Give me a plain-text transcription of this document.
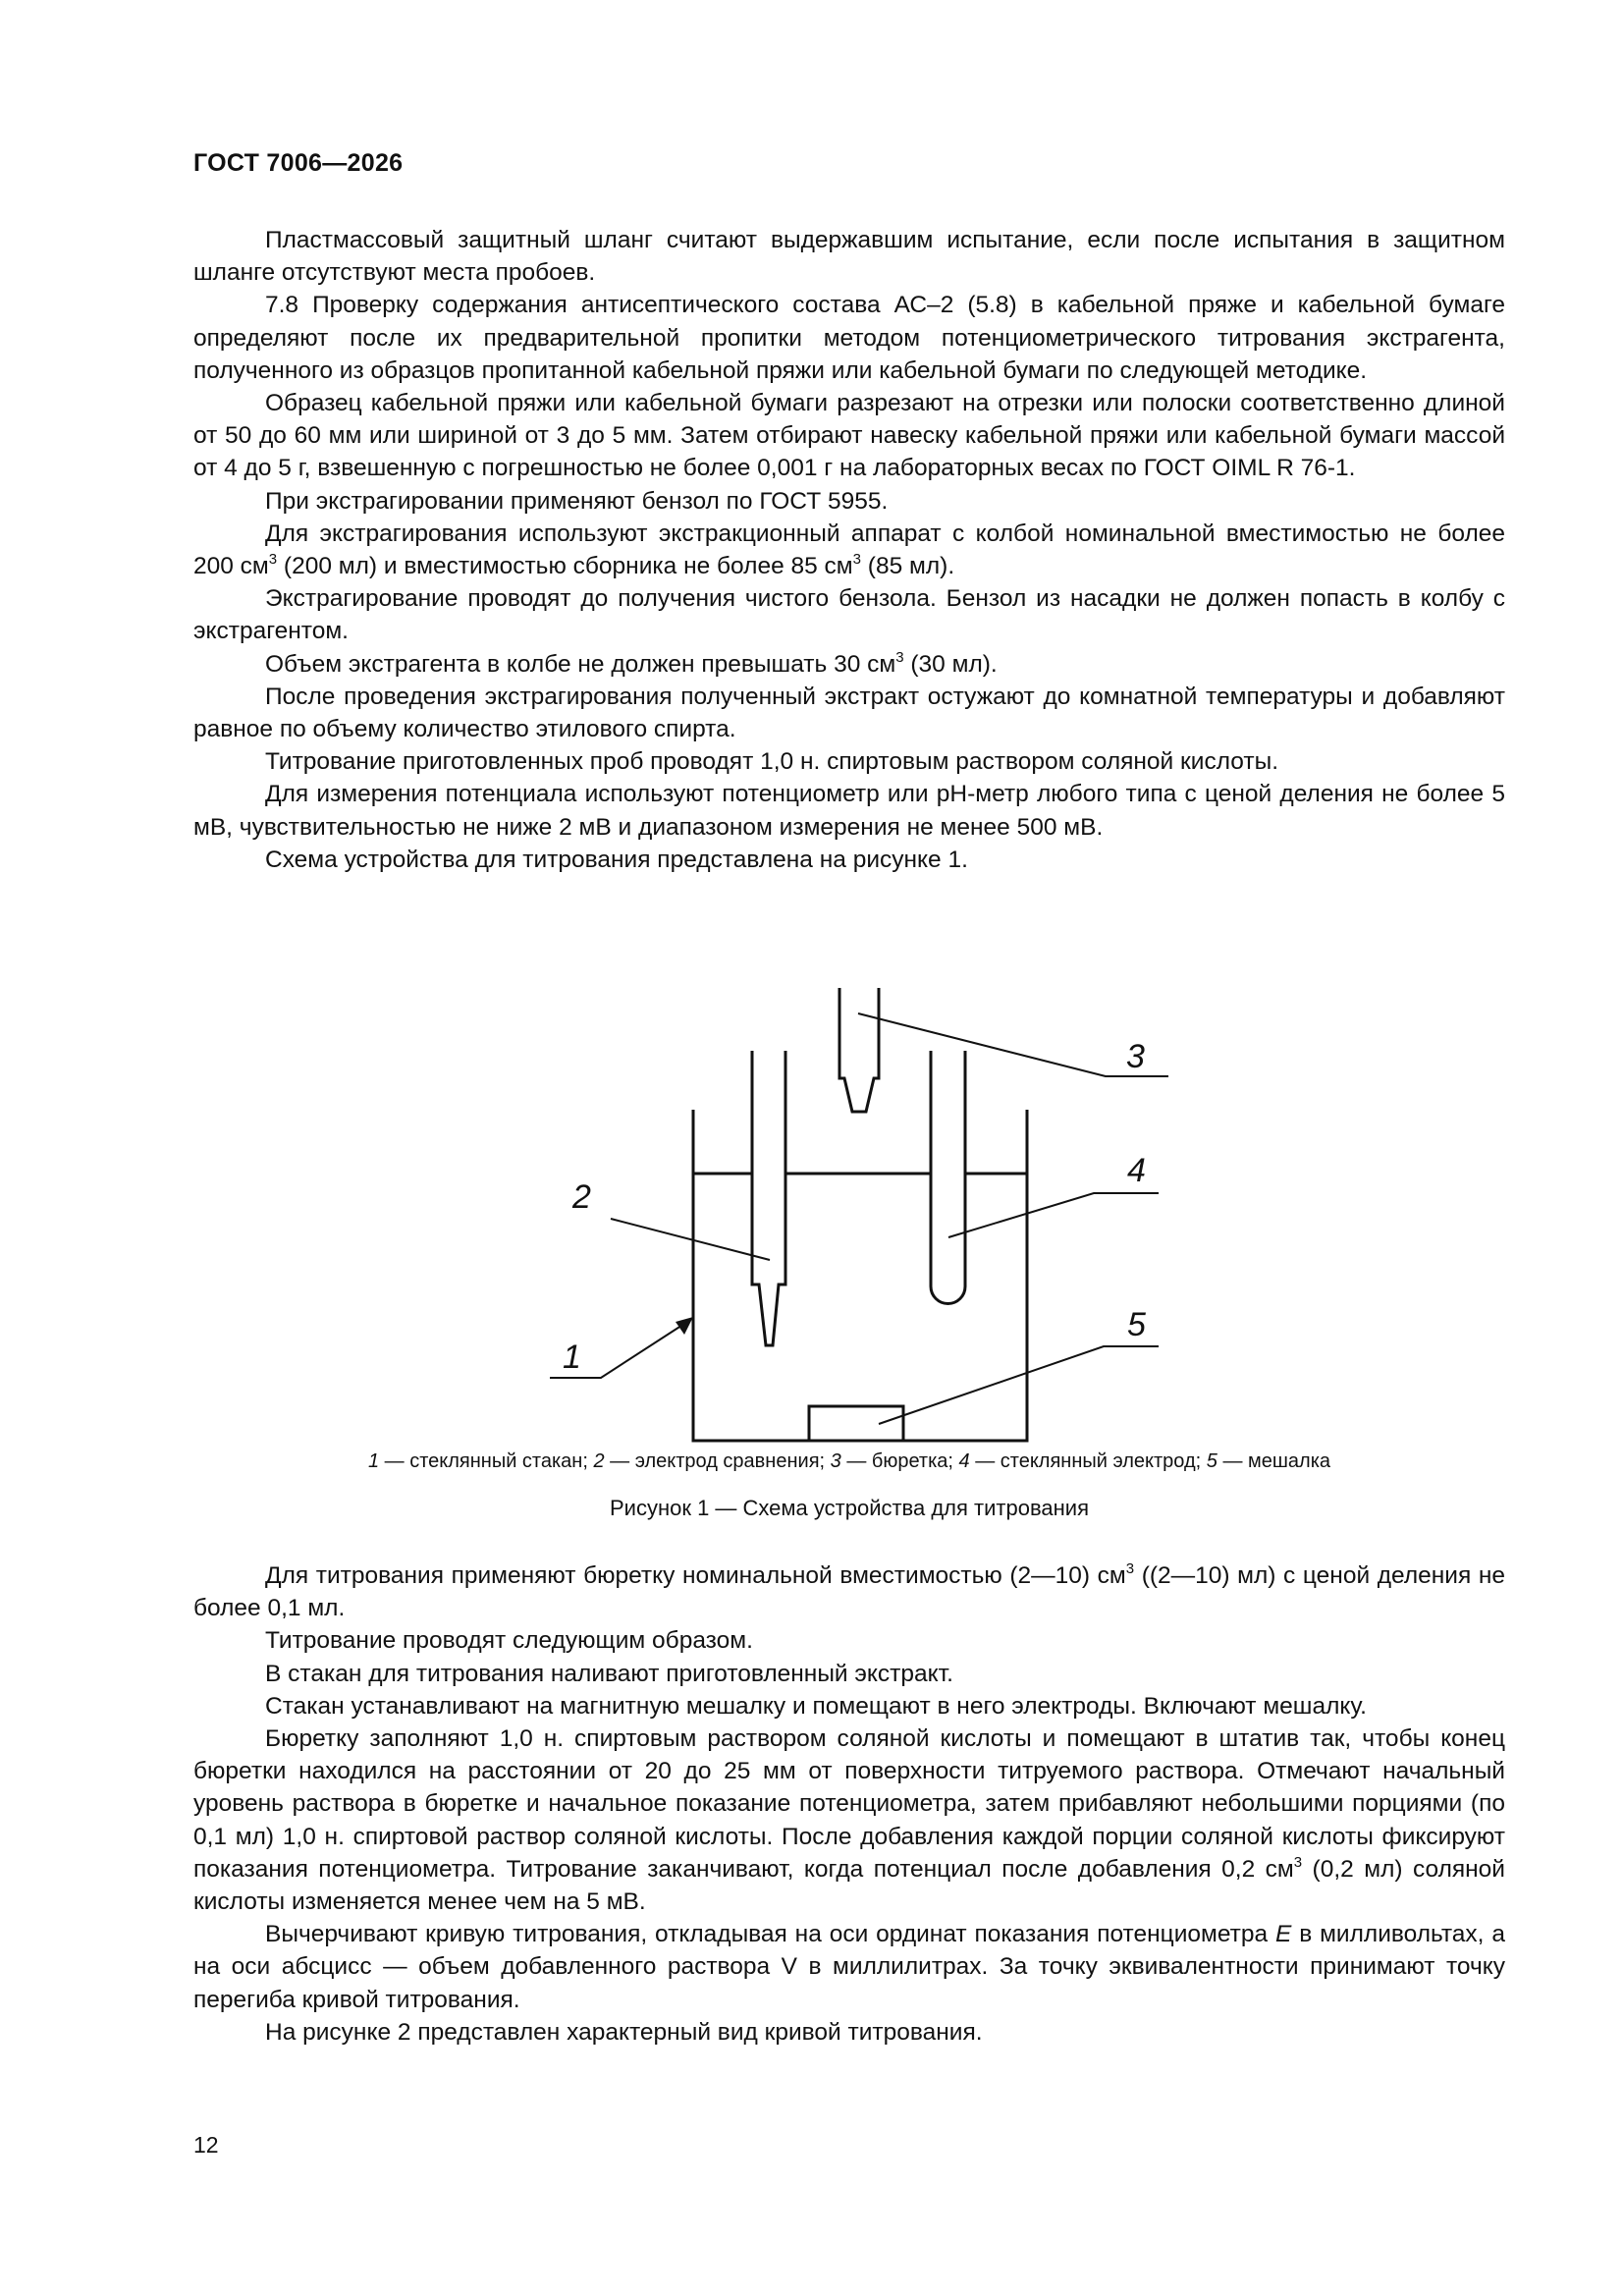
ГОСТ 7006—2026

Пластмассовый защитный шланг считают выдержавшим испытание, если после испытания в защитном шланге отсутствуют места пробоев.

7.8 Проверку содержания антисептического состава АС–2 (5.8) в кабельной пряже и кабельной бумаге определяют после их предварительной пропитки методом потенциометрического титрования экстрагента, полученного из образцов пропитанной кабельной пряжи или кабельной бумаги по следующей методике.

Образец кабельной пряжи или кабельной бумаги разрезают на отрезки или полоски соответственно длиной от 50 до 60 мм или шириной от 3 до 5 мм. Затем отбирают навеску кабельной пряжи или кабельной бумаги массой от 4 до 5 г, взвешенную с погрешностью не более 0,001 г на лабораторных весах по ГОСТ OIML R 76-1.

При экстрагировании применяют бензол по ГОСТ 5955.

Для экстрагирования используют экстракционный аппарат с колбой номинальной вместимостью не более 200 $см^3$ (200 мл) и вместимостью сборника не более 85 $см^3$ (85 мл).

Экстрагирование проводят до получения чистого бензола. Бензол из насадки не должен попасть в колбу с экстрагентом.

Объем экстрагента в колбе не должен превышать 30 $см^3$ (30 мл).

После проведения экстрагирования полученный экстракт остужают до комнатной температуры и добавляют равное по объему количество этилового спирта.

Титрование приготовленных проб проводят 1,0 н. спиртовым раствором соляной кислоты.

Для измерения потенциала используют потенциометр или pH-метр любого типа с ценой деления не более 5 мВ, чувствительностью не ниже 2 мВ и диапазоном измерения не менее 500 мВ.

Схема устройства для титрования представлена на рисунке 1.

3
4
2
5
1
1 — стеклянный стакан; 2 — электрод сравнения; 3 — бюретка; 4 — стеклянный электрод; 5 — мешалка
Рисунок 1 — Схема устройства для титрования

Для титрования применяют бюретку номинальной вместимостью (2—10) $см^3$ ((2—10) мл) с ценой деления не более 0,1 мл.

Титрование проводят следующим образом.

В стакан для титрования наливают приготовленный экстракт.

Стакан устанавливают на магнитную мешалку и помещают в него электроды. Включают мешалку.

Бюретку заполняют 1,0 н. спиртовым раствором соляной кислоты и помещают в штатив так, чтобы конец бюретки находился на расстоянии от 20 до 25 мм от поверхности титруемого раствора. Отмечают начальный уровень раствора в бюретке и начальное показание потенциометра, затем прибавляют небольшими порциями (по 0,1 мл) 1,0 н. спиртовой раствор соляной кислоты. После добавления каждой порции соляной кислоты фиксируют показания потенциометра. Титрование заканчивают, когда потенциал после добавления 0,2 $см^3$ (0,2 мл) соляной кислоты изменяется менее чем на 5 мВ.

Вычерчивают кривую титрования, откладывая на оси ординат показания потенциометра E в милливольтах, а на оси абсцисс — объем добавленного раствора V в миллилитрах. За точку эквивалентности принимают точку перегиба кривой титрования.

На рисунке 2 представлен характерный вид кривой титрования.

12
